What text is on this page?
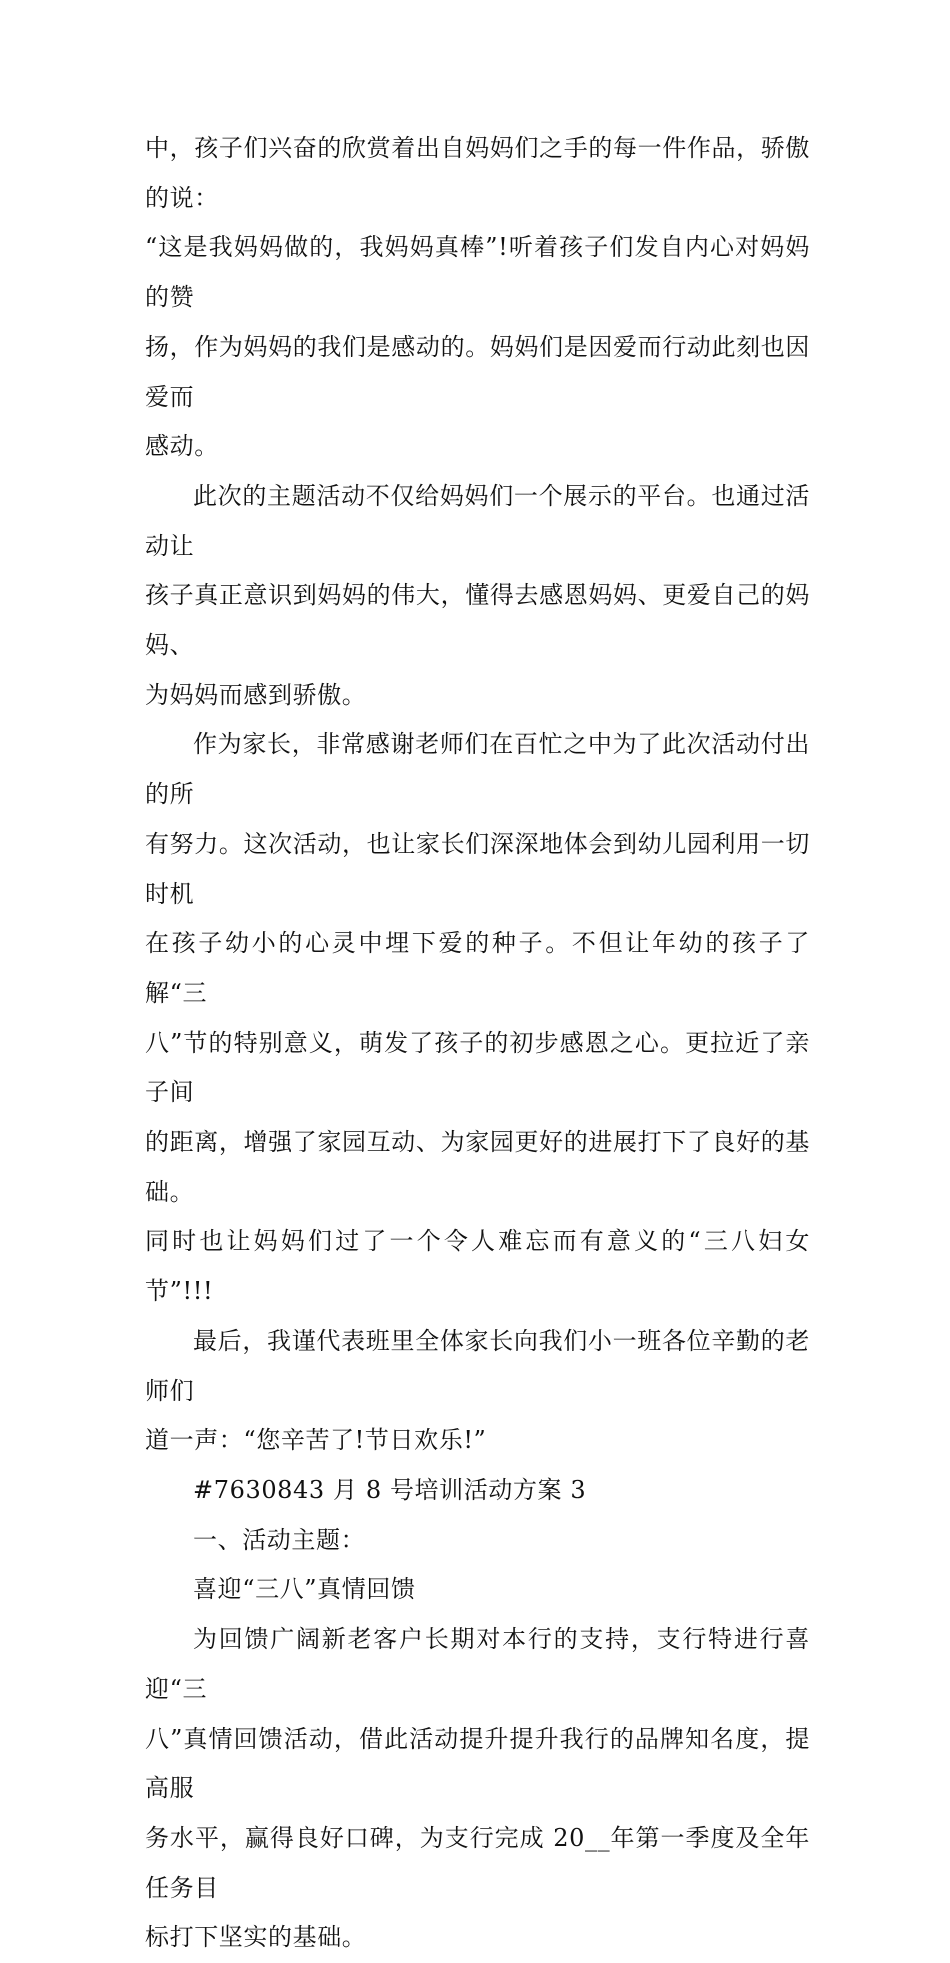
中，孩子们兴奋的欣赏着出自妈妈们之手的每一件作品，骄傲的说：
“这是我妈妈做的，我妈妈真棒”!听着孩子们发自内心对妈妈的赞
扬，作为妈妈的我们是感动的。妈妈们是因爱而行动此刻也因爱而
感动。

此次的主题活动不仅给妈妈们一个展示的平台。也通过活动让
孩子真正意识到妈妈的伟大，懂得去感恩妈妈、更爱自己的妈妈、
为妈妈而感到骄傲。

作为家长，非常感谢老师们在百忙之中为了此次活动付出的所
有努力。这次活动，也让家长们深深地体会到幼儿园利用一切时机
在孩子幼小的心灵中埋下爱的种子。不但让年幼的孩子了解“三
八”节的特别意义，萌发了孩子的初步感恩之心。更拉近了亲子间
的距离，增强了家园互动、为家园更好的进展打下了良好的基础。
同时也让妈妈们过了一个令人难忘而有意义的“三八妇女节”!!!

最后，我谨代表班里全体家长向我们小一班各位辛勤的老师们
道一声：“您辛苦了!节日欢乐!”

#7630843 月 8 号培训活动方案 3

一、活动主题：

喜迎“三八”真情回馈

为回馈广阔新老客户长期对本行的支持，支行特进行喜迎“三
八”真情回馈活动，借此活动提升提升我行的品牌知名度，提高服
务水平，赢得良好口碑，为支行完成 20__年第一季度及全年任务目
标打下坚实的基础。
